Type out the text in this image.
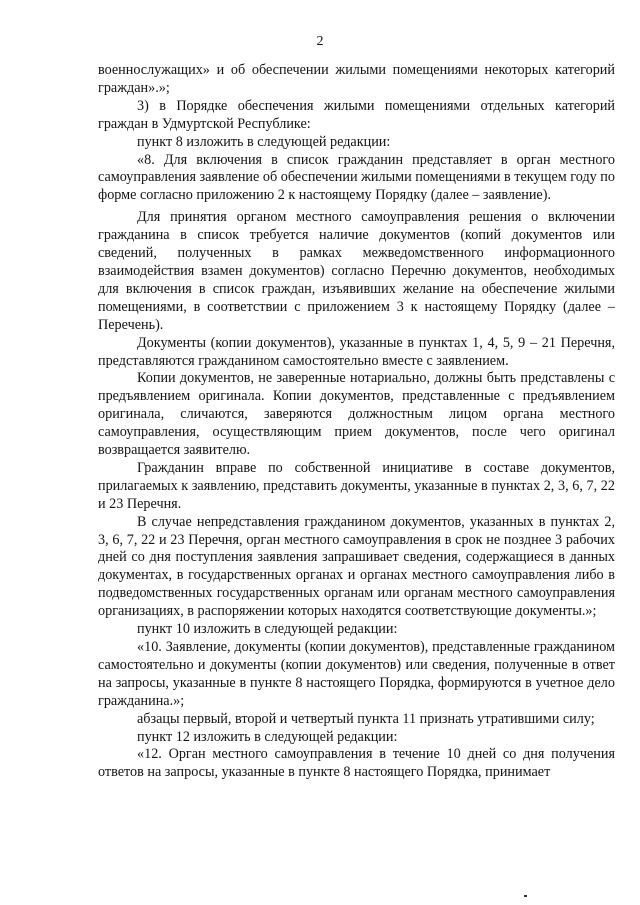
2

военнослужащих» и об обеспечении жилыми помещениями некоторых категорий граждан».»;

3) в Порядке обеспечения жилыми помещениями отдельных категорий граждан в Удмуртской Республике:

пункт 8 изложить в следующей редакции:

«8. Для включения в список гражданин представляет в орган местного самоуправления заявление об обеспечении жилыми помещениями в текущем году по форме согласно приложению 2 к настоящему Порядку (далее – заявление).

Для принятия органом местного самоуправления решения о включении гражданина в список требуется наличие документов (копий документов или сведений, полученных в рамках межведомственного информационного взаимодействия взамен документов) согласно Перечню документов, необходимых для включения в список граждан, изъявивших желание на обеспечение жилыми помещениями, в соответствии с приложением 3 к настоящему Порядку (далее – Перечень).

Документы (копии документов), указанные в пунктах 1, 4, 5, 9 – 21 Перечня, представляются гражданином самостоятельно вместе с заявлением.

Копии документов, не заверенные нотариально, должны быть представлены с предъявлением оригинала. Копии документов, представленные с предъявлением оригинала, сличаются, заверяются должностным лицом органа местного самоуправления, осуществляющим прием документов, после чего оригинал возвращается заявителю.

Гражданин вправе по собственной инициативе в составе документов, прилагаемых к заявлению, представить документы, указанные в пунктах 2, 3, 6, 7, 22 и 23 Перечня.

В случае непредставления гражданином документов, указанных в пунктах 2, 3, 6, 7, 22 и 23 Перечня, орган местного самоуправления в срок не позднее 3 рабочих дней со дня поступления заявления запрашивает сведения, содержащиеся в данных документах, в государственных органах и органах местного самоуправления либо в подведомственных государственных органам или органам местного самоуправления организациях, в распоряжении которых находятся соответствующие документы.»;

пункт 10 изложить в следующей редакции:

«10. Заявление, документы (копии документов), представленные гражданином самостоятельно и документы (копии документов) или сведения, полученные в ответ на запросы, указанные в пункте 8 настоящего Порядка, формируются в учетное дело гражданина.»;

абзацы первый, второй и четвертый пункта 11 признать утратившими силу;

пункт 12 изложить в следующей редакции:

«12. Орган местного самоуправления в течение 10 дней со дня получения ответов на запросы, указанные в пункте 8 настоящего Порядка, принимает
